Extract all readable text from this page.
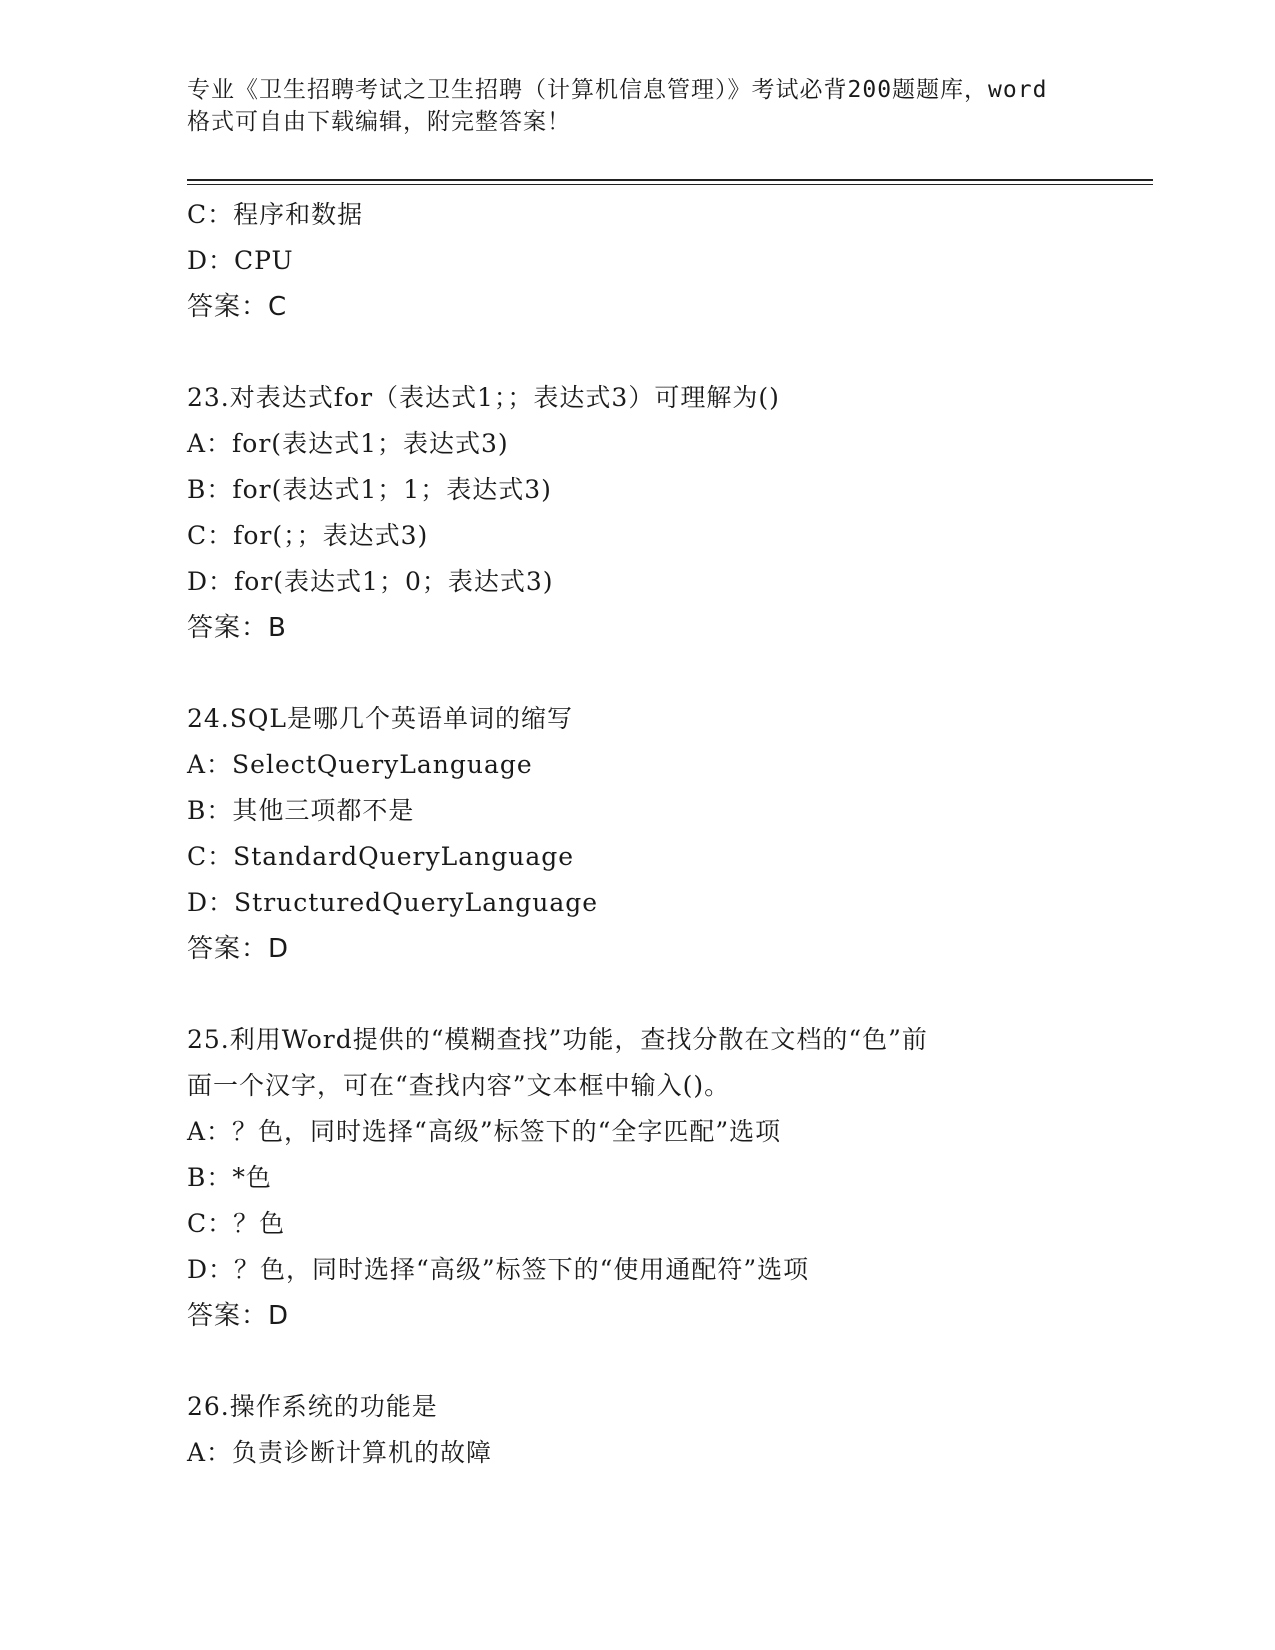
专业《卫生招聘考试之卫生招聘（计算机信息管理）》考试必背200题题库，word
格式可自由下载编辑，附完整答案！
C：程序和数据
D：CPU
答案：C
23.对表达式for（表达式1；；表达式3）可理解为()
A：for(表达式1；表达式3)
B：for(表达式1；1；表达式3)
C：for(；；表达式3)
D：for(表达式1；0；表达式3)
答案：B
24.SQL是哪几个英语单词的缩写
A：SelectQueryLanguage
B：其他三项都不是
C：StandardQueryLanguage
D：StructuredQueryLanguage
答案：D
25.利用Word提供的“模糊查找”功能，查找分散在文档的“色”前
面一个汉字，可在“查找内容”文本框中输入()。
A：？色，同时选择“高级”标签下的“全字匹配”选项
B：*色
C：？色
D：？色，同时选择“高级”标签下的“使用通配符”选项
答案：D
26.操作系统的功能是
A：负责诊断计算机的故障
